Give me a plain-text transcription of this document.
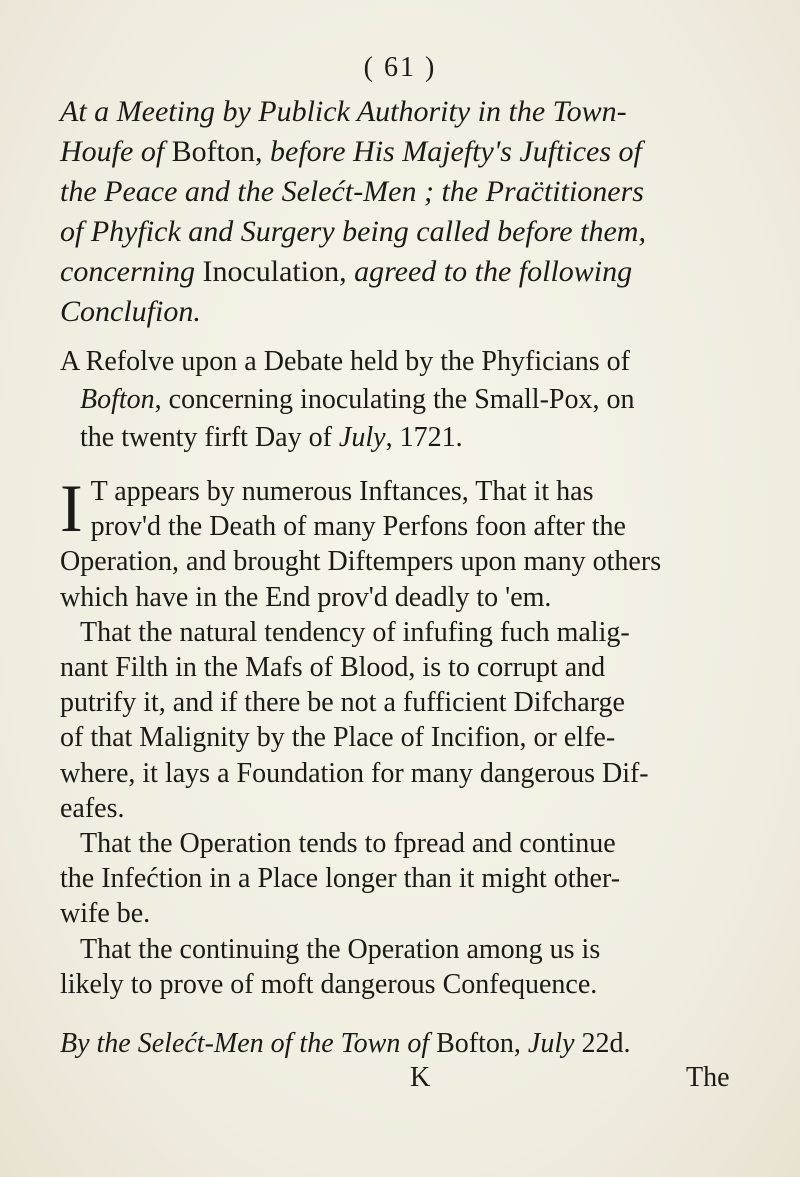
( 61 )
At a Meeting by Publick Authority in the Town-
Houfe of Bofton, before His Majefty's Juftices of
the Peace and the Selećt-Men ; the Prac̈titioners
of Phyfick and Surgery being called before them,
concerning Inoculation, agreed to the following
Conclufion.
A Refolve upon a Debate held by the Phyficians of
Bofton, concerning inoculating the Small-Pox, on
the twenty firft Day of July, 1721.
I T appears by numerous Inftances, That it has
prov'd the Death of many Perfons foon after the
Operation, and brought Diftempers upon many others
which have in the End prov'd deadly to 'em.
That the natural tendency of infufing fuch malig-
nant Filth in the Mafs of Blood, is to corrupt and
putrify it, and if there be not a fufficient Difcharge
of that Malignity by the Place of Incifion, or elfe-
where, it lays a Foundation for many dangerous Dif-
eafes.
That the Operation tends to fpread and continue
the Infećtion in a Place longer than it might other-
wife be.
That the continuing the Operation among us is
likely to prove of moft dangerous Confequence.
By the Selećt-Men of the Town of Bofton, July 22d.
K	The
